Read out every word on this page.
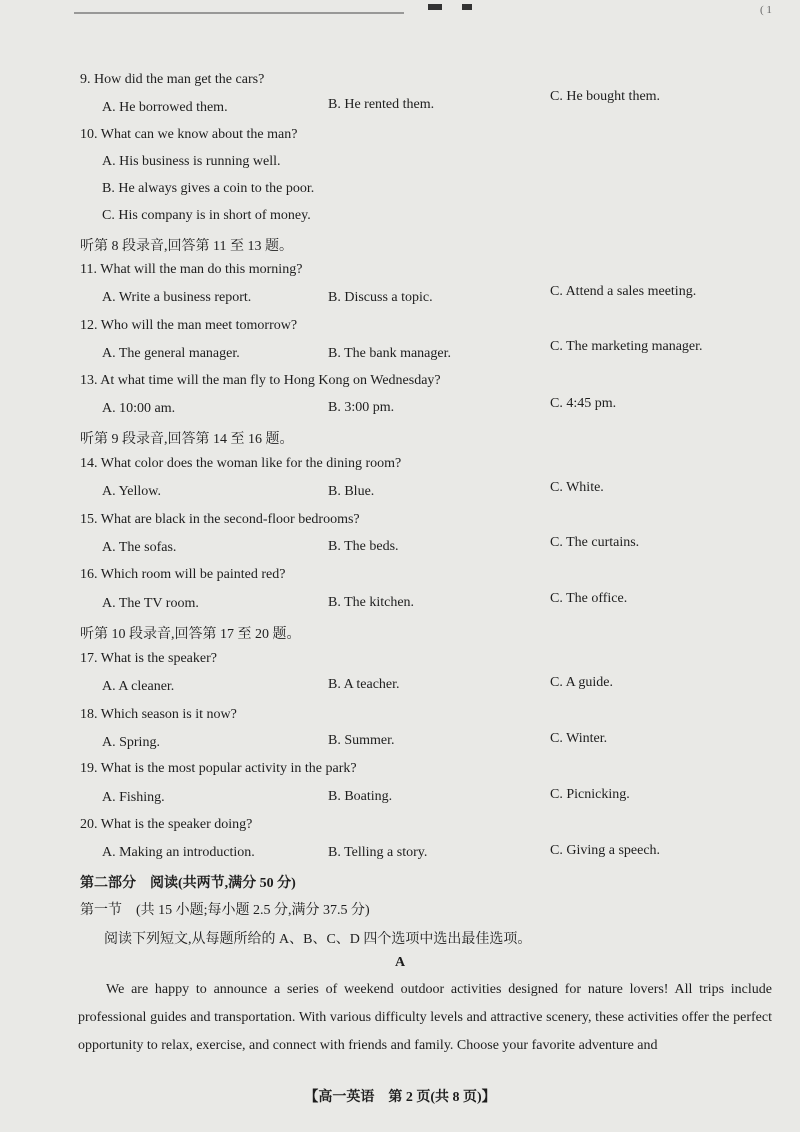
( 1
9. How did the man get the cars?
A. He borrowed them.	B. He rented them.
C. He bought them.
10. What can we know about the man?
A. His business is running well.
B. He always gives a coin to the poor.
C. His company is in short of money.
听第 8 段录音,回答第 11 至 13 题。
11. What will the man do this morning?
A. Write a business report.	B. Discuss a topic.	C. Attend a sales meeting.
12. Who will the man meet tomorrow?
A. The general manager.	B. The bank manager.	C. The marketing manager.
13. At what time will the man fly to Hong Kong on Wednesday?
A. 10:00 am.	B. 3:00 pm.	C. 4:45 pm.
听第 9 段录音,回答第 14 至 16 题。
14. What color does the woman like for the dining room?
A. Yellow.	B. Blue.	C. White.
15. What are black in the second-floor bedrooms?
A. The sofas.	B. The beds.	C. The curtains.
16. Which room will be painted red?
A. The TV room.	B. The kitchen.	C. The office.
听第 10 段录音,回答第 17 至 20 题。
17. What is the speaker?
A. A cleaner.	B. A teacher.	C. A guide.
18. Which season is it now?
A. Spring.	B. Summer.	C. Winter.
19. What is the most popular activity in the park?
A. Fishing.	B. Boating.	C. Picnicking.
20. What is the speaker doing?
A. Making an introduction.	B. Telling a story.	C. Giving a speech.
第二部分　阅读(共两节,满分 50 分)
第一节　(共 15 小题;每小题 2.5 分,满分 37.5 分)
阅读下列短文,从每题所给的 A、B、C、D 四个选项中选出最佳选项。
A
We are happy to announce a series of weekend outdoor activities designed for nature lovers! All trips include professional guides and transportation. With various difficulty levels and attractive scenery, these activities offer the perfect opportunity to relax, exercise, and connect with friends and family. Choose your favorite adventure and
【高一英语　第 2 页(共 8 页)】
